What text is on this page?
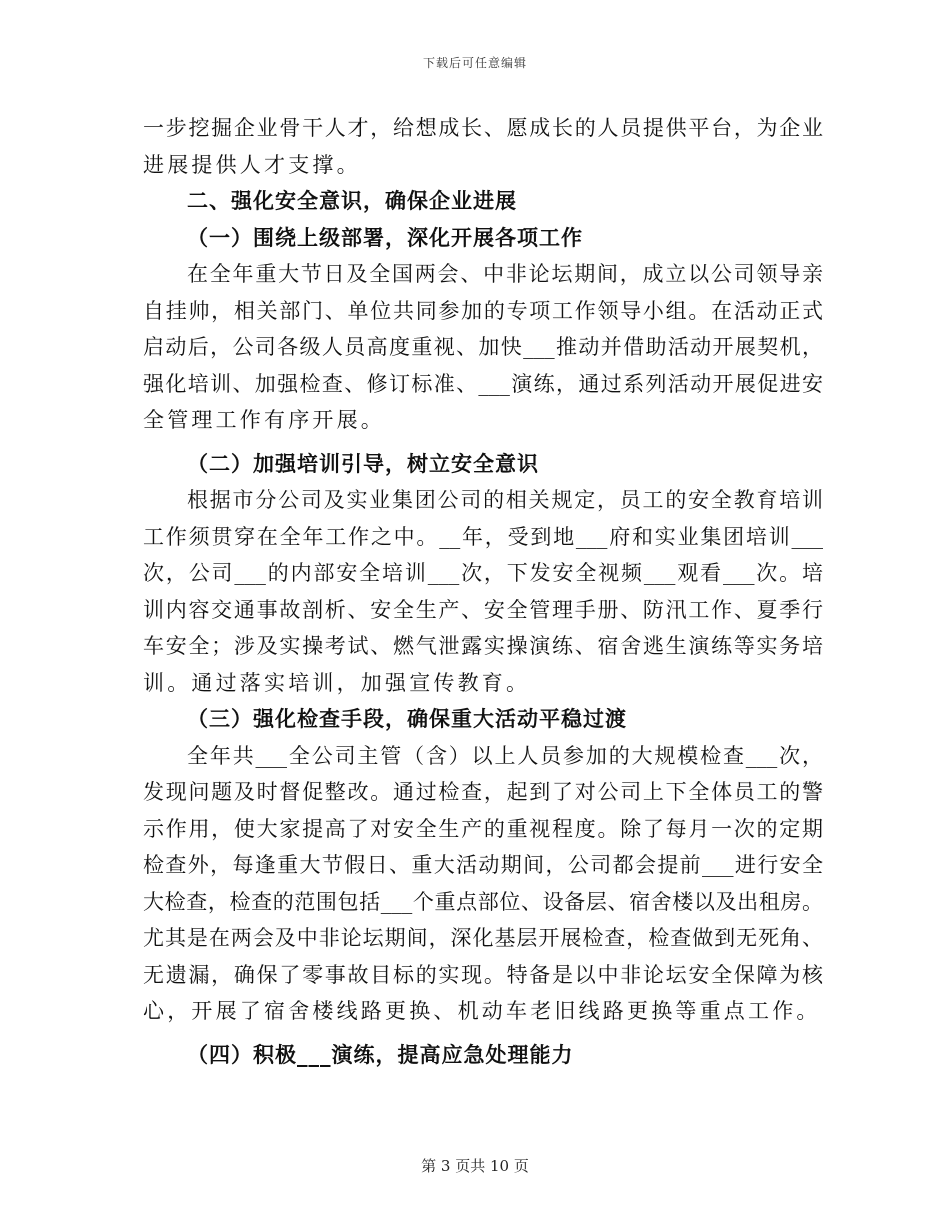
下载后可任意编辑
一步挖掘企业骨干人才，给想成长、愿成长的人员提供平台，为企业
进展提供人才支撑。
二、强化安全意识，确保企业进展
（一）围绕上级部署，深化开展各项工作
在全年重大节日及全国两会、中非论坛期间，成立以公司领导亲
自挂帅，相关部门、单位共同参加的专项工作领导小组。在活动正式
启动后，公司各级人员高度重视、加快___推动并借助活动开展契机，
强化培训、加强检查、修订标准、___演练，通过系列活动开展促进安
全管理工作有序开展。
（二）加强培训引导，树立安全意识
根据市分公司及实业集团公司的相关规定，员工的安全教育培训
工作须贯穿在全年工作之中。__年，受到地___府和实业集团培训___
次，公司___的内部安全培训___次，下发安全视频___观看___次。培
训内容交通事故剖析、安全生产、安全管理手册、防汛工作、夏季行
车安全；涉及实操考试、燃气泄露实操演练、宿舍逃生演练等实务培
训。通过落实培训，加强宣传教育。
（三）强化检查手段，确保重大活动平稳过渡
全年共___全公司主管（含）以上人员参加的大规模检查___次，
发现问题及时督促整改。通过检查，起到了对公司上下全体员工的警
示作用，使大家提高了对安全生产的重视程度。除了每月一次的定期
检查外，每逢重大节假日、重大活动期间，公司都会提前___进行安全
大检查，检查的范围包括___个重点部位、设备层、宿舍楼以及出租房。
尤其是在两会及中非论坛期间，深化基层开展检查，检查做到无死角、
无遗漏，确保了零事故目标的实现。特备是以中非论坛安全保障为核
心，开展了宿舍楼线路更换、机动车老旧线路更换等重点工作。
（四）积极___演练，提高应急处理能力
第 3 页共 10 页
